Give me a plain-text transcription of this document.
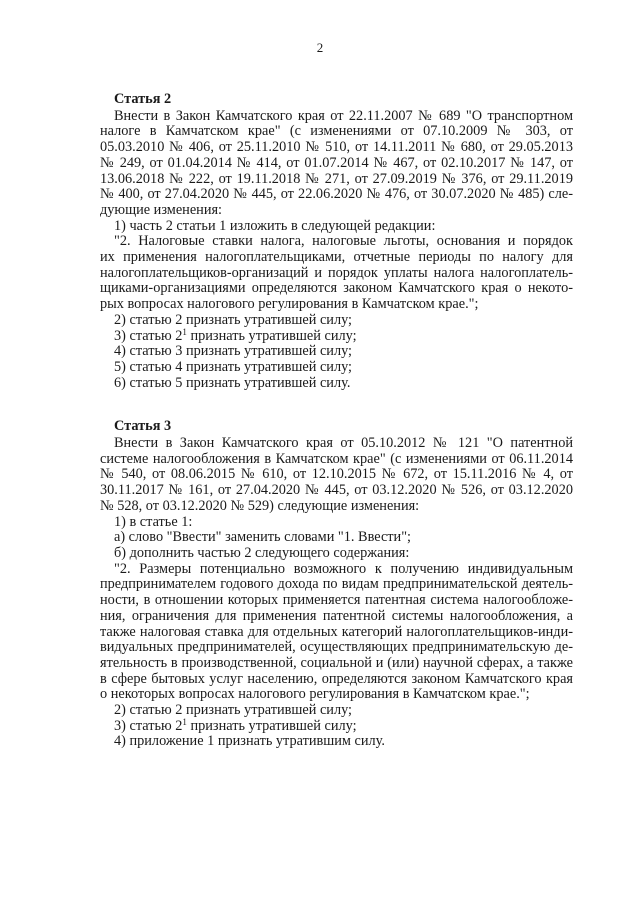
2

Статья 2

Внести в Закон Камчатского края от 22.11.2007 № 689 "О транспортном

налоге в Камчатском крае" (с изменениями от 07.10.2009 № 303, от

05.03.2010 № 406, от 25.11.2010 № 510, от 14.11.2011 № 680, от 29.05.2013

№ 249, от 01.04.2014 № 414, от 01.07.2014 № 467, от 02.10.2017 № 147, от

13.06.2018 № 222, от 19.11.2018 № 271, от 27.09.2019 № 376, от 29.11.2019

№ 400, от 27.04.2020 № 445, от 22.06.2020 № 476, от 30.07.2020 № 485) сле-

дующие изменения:

1) часть 2 статьи 1 изложить в следующей редакции:

"2. Налоговые ставки налога, налоговые льготы, основания и порядок

их применения налогоплательщиками, отчетные периоды по налогу для

налогоплательщиков-организаций и порядок уплаты налога налогоплатель-

щиками-организациями определяются законом Камчатского края о некото-

рых вопросах налогового регулирования в Камчатском крае.";

2) статью 2 признать утратившей силу;

3) статью $2^1$ признать утратившей силу;

4) статью 3 признать утратившей силу;

5) статью 4 признать утратившей силу;

6) статью 5 признать утратившей силу.

Статья 3

Внести в Закон Камчатского края от 05.10.2012 № 121 "О патентной

системе налогообложения в Камчатском крае" (с изменениями от 06.11.2014

№ 540, от 08.06.2015 № 610, от 12.10.2015 № 672, от 15.11.2016 № 4, от

30.11.2017 № 161, от 27.04.2020 № 445, от 03.12.2020 № 526, от 03.12.2020

№ 528, от 03.12.2020 № 529) следующие изменения:

1) в статье 1:

а) слово "Ввести" заменить словами "1. Ввести";

б) дополнить частью 2 следующего содержания:

"2. Размеры потенциально возможного к получению индивидуальным

предпринимателем годового дохода по видам предпринимательской деятель-

ности, в отношении которых применяется патентная система налогообложе-

ния, ограничения для применения патентной системы налогообложения, а

также налоговая ставка для отдельных категорий налогоплательщиков-инди-

видуальных предпринимателей, осуществляющих предпринимательскую де-

ятельность в производственной, социальной и (или) научной сферах, а также

в сфере бытовых услуг населению, определяются законом Камчатского края

о некоторых вопросах налогового регулирования в Камчатском крае.";

2) статью 2 признать утратившей силу;

3) статью $2^1$ признать утратившей силу;

4) приложение 1 признать утратившим силу.
